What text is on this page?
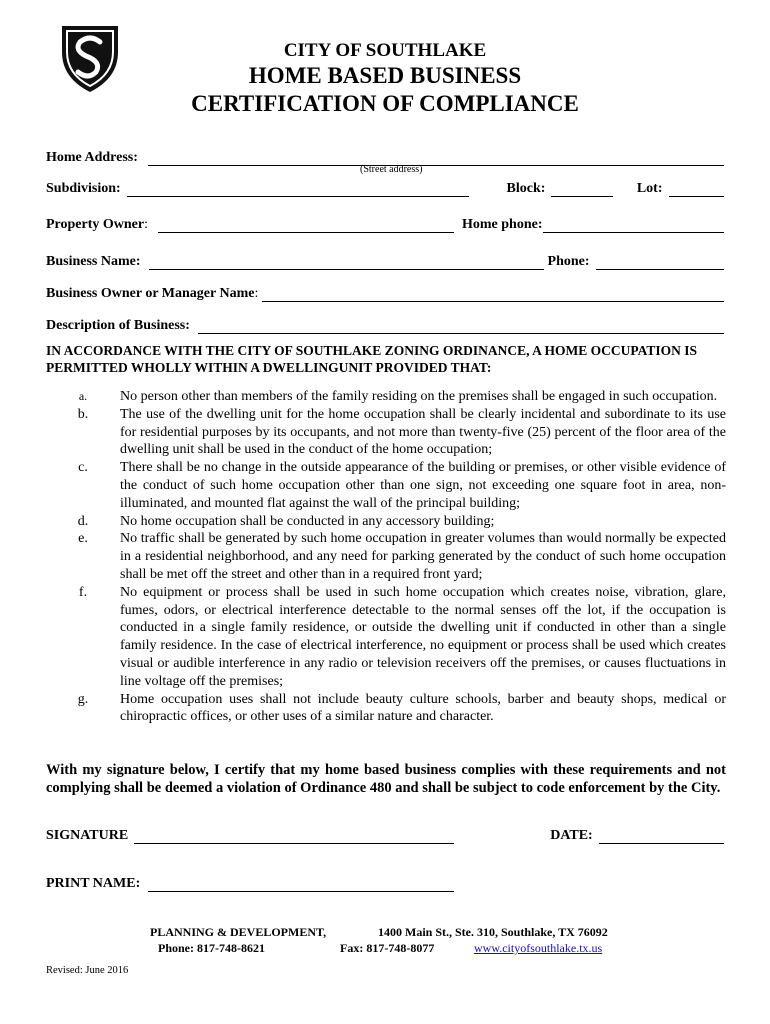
CITY OF SOUTHLAKE
HOME BASED BUSINESS
CERTIFICATION OF COMPLIANCE
Home Address:
(Street address)
Subdivision:	Block:	Lot:
Property Owner:	Home phone:
Business Name:	Phone:
Business Owner or Manager Name:
Description of Business:
IN ACCORDANCE WITH THE CITY OF SOUTHLAKE ZONING ORDINANCE, A HOME OCCUPATION IS PERMITTED WHOLLY WITHIN A DWELLINGUNIT PROVIDED THAT:
a.	No person other than members of the family residing on the premises shall be engaged in such occupation.
b.	The use of the dwelling unit for the home occupation shall be clearly incidental and subordinate to its use for residential purposes by its occupants, and not more than twenty-five (25) percent of the floor area of the dwelling unit shall be used in the conduct of the home occupation;
c.	There shall be no change in the outside appearance of the building or premises, or other visible evidence of the conduct of such home occupation other than one sign, not exceeding one square foot in area, non-illuminated, and mounted flat against the wall of the principal building;
d.	No home occupation shall be conducted in any accessory building;
e.	No traffic shall be generated by such home occupation in greater volumes than would normally be expected in a residential neighborhood, and any need for parking generated by the conduct of such home occupation shall be met off the street and other than in a required front yard;
f.	No equipment or process shall be used in such home occupation which creates noise, vibration, glare, fumes, odors, or electrical interference detectable to the normal senses off the lot, if the occupation is conducted in a single family residence, or outside the dwelling unit if conducted in other than a single family residence. In the case of electrical interference, no equipment or process shall be used which creates visual or audible interference in any radio or television receivers off the premises, or causes fluctuations in line voltage off the premises;
g.	Home occupation uses shall not include beauty culture schools, barber and beauty shops, medical or chiropractic offices, or other uses of a similar nature and character.
With my signature below, I certify that my home based business complies with these requirements and not complying shall be deemed a violation of Ordinance 480 and shall be subject to code enforcement by the City.
SIGNATURE	DATE:
PRINT NAME:
PLANNING & DEVELOPMENT,	1400 Main St., Ste. 310, Southlake, TX 76092
Phone: 817-748-8621	Fax: 817-748-8077	www.cityofsouthlake.tx.us
Revised: June 2016
